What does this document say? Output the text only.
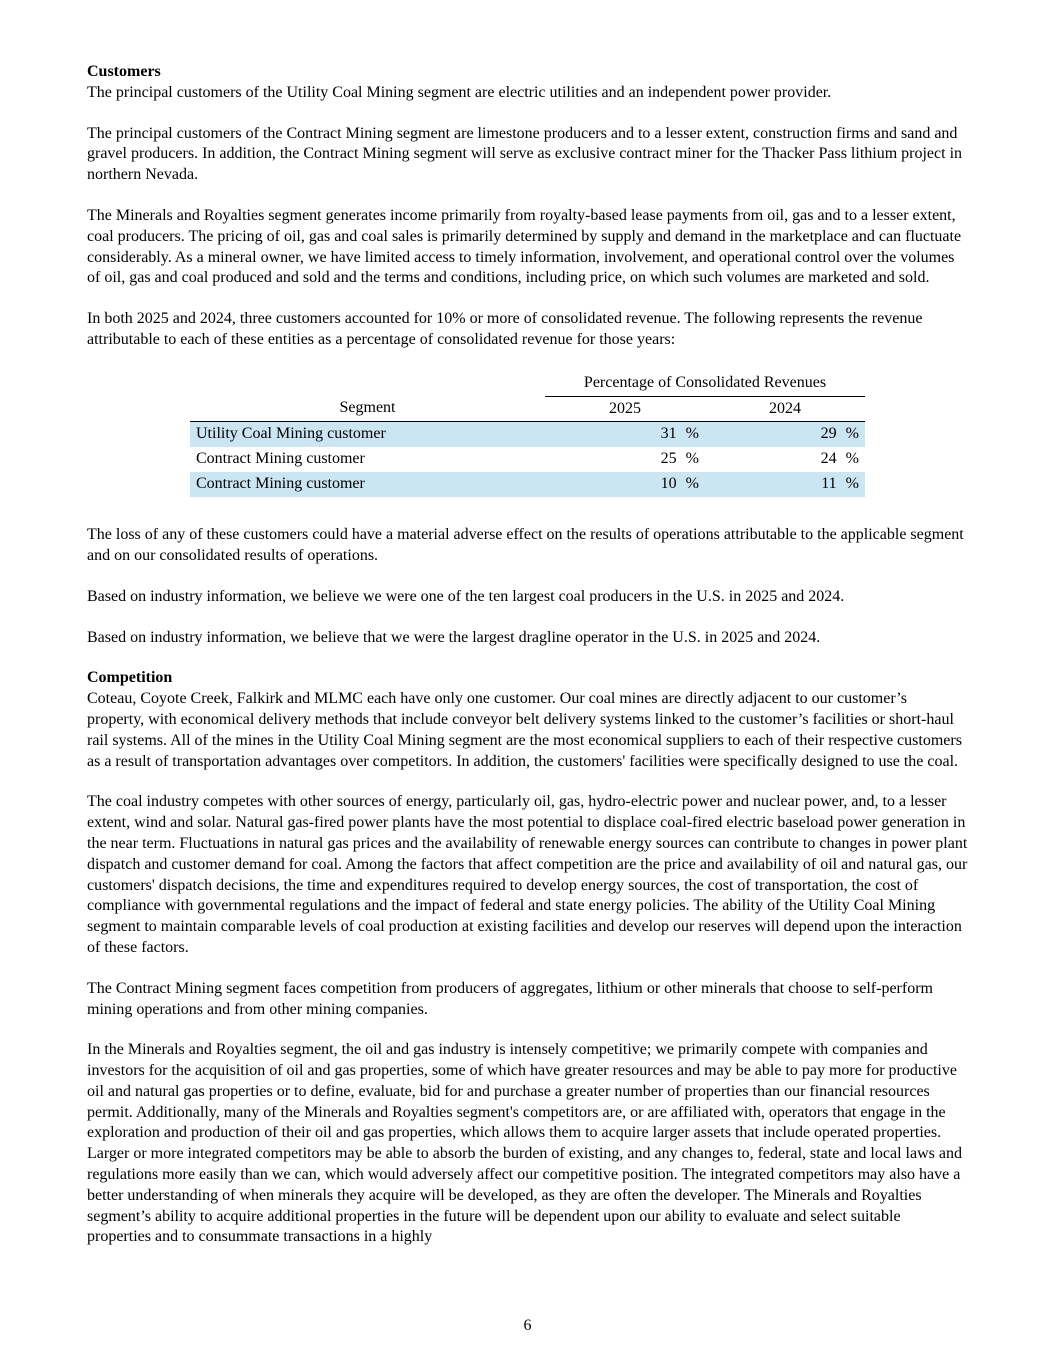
Customers

The principal customers of the Utility Coal Mining segment are electric utilities and an independent power provider.

The principal customers of the Contract Mining segment are limestone producers and to a lesser extent, construction firms and sand and gravel producers. In addition, the Contract Mining segment will serve as exclusive contract miner for the Thacker Pass lithium project in northern Nevada.

The Minerals and Royalties segment generates income primarily from royalty-based lease payments from oil, gas and to a lesser extent, coal producers. The pricing of oil, gas and coal sales is primarily determined by supply and demand in the marketplace and can fluctuate considerably. As a mineral owner, we have limited access to timely information, involvement, and operational control over the volumes of oil, gas and coal produced and sold and the terms and conditions, including price, on which such volumes are marketed and sold.

In both 2025 and 2024, three customers accounted for 10% or more of consolidated revenue. The following represents the revenue attributable to each of these entities as a percentage of consolidated revenue for those years:

	Percentage of Consolidated Revenues	
Segment	2025	2024
Utility Coal Mining customer	31 %	29 %
Contract Mining customer	25 %	24 %
Contract Mining customer	10 %	11 %

The loss of any of these customers could have a material adverse effect on the results of operations attributable to the applicable segment and on our consolidated results of operations.

Based on industry information, we believe we were one of the ten largest coal producers in the U.S. in 2025 and 2024.

Based on industry information, we believe that we were the largest dragline operator in the U.S. in 2025 and 2024.

Competition

Coteau, Coyote Creek, Falkirk and MLMC each have only one customer. Our coal mines are directly adjacent to our customer’s property, with economical delivery methods that include conveyor belt delivery systems linked to the customer’s facilities or short-haul rail systems. All of the mines in the Utility Coal Mining segment are the most economical suppliers to each of their respective customers as a result of transportation advantages over competitors. In addition, the customers' facilities were specifically designed to use the coal.

The coal industry competes with other sources of energy, particularly oil, gas, hydro-electric power and nuclear power, and, to a lesser extent, wind and solar. Natural gas-fired power plants have the most potential to displace coal-fired electric baseload power generation in the near term. Fluctuations in natural gas prices and the availability of renewable energy sources can contribute to changes in power plant dispatch and customer demand for coal. Among the factors that affect competition are the price and availability of oil and natural gas, our customers' dispatch decisions, the time and expenditures required to develop energy sources, the cost of transportation, the cost of compliance with governmental regulations and the impact of federal and state energy policies. The ability of the Utility Coal Mining segment to maintain comparable levels of coal production at existing facilities and develop our reserves will depend upon the interaction of these factors.

The Contract Mining segment faces competition from producers of aggregates, lithium or other minerals that choose to self-perform mining operations and from other mining companies.

In the Minerals and Royalties segment, the oil and gas industry is intensely competitive; we primarily compete with companies and investors for the acquisition of oil and gas properties, some of which have greater resources and may be able to pay more for productive oil and natural gas properties or to define, evaluate, bid for and purchase a greater number of properties than our financial resources permit. Additionally, many of the Minerals and Royalties segment's competitors are, or are affiliated with, operators that engage in the exploration and production of their oil and gas properties, which allows them to acquire larger assets that include operated properties. Larger or more integrated competitors may be able to absorb the burden of existing, and any changes to, federal, state and local laws and regulations more easily than we can, which would adversely affect our competitive position. The integrated competitors may also have a better understanding of when minerals they acquire will be developed, as they are often the developer. The Minerals and Royalties segment’s ability to acquire additional properties in the future will be dependent upon our ability to evaluate and select suitable properties and to consummate transactions in a highly

6
